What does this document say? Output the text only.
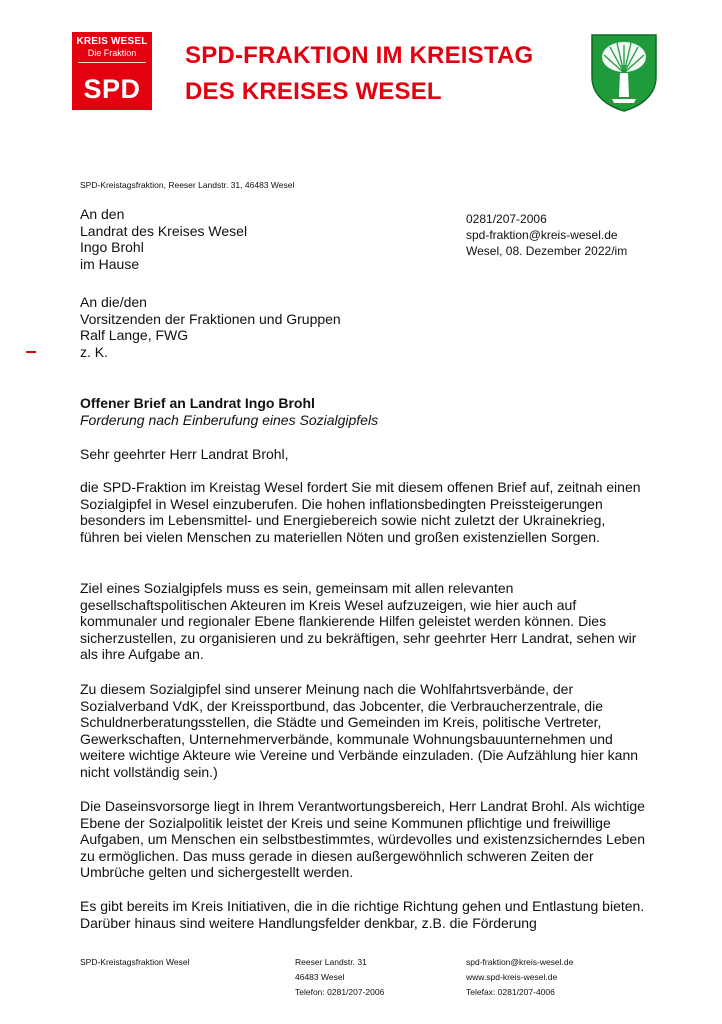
KREIS WESEL
Die Fraktion
SPD
SPD-FRAKTION IM KREISTAG
DES KREISES WESEL
SPD-Kreistagsfraktion, Reeser Landstr. 31, 46483 Wesel
An den
Landrat des Kreises Wesel
Ingo Brohl
im Hause
0281/207-2006
spd-fraktion@kreis-wesel.de
Wesel, 08. Dezember 2022/im
An die/den
Vorsitzenden der Fraktionen und Gruppen
Ralf Lange, FWG
z. K.
Offener Brief an Landrat Ingo Brohl
Forderung nach Einberufung eines Sozialgipfels
Sehr geehrter Herr Landrat Brohl,
die SPD-Fraktion im Kreistag Wesel fordert Sie mit diesem offenen Brief auf, zeitnah einen Sozialgipfel in Wesel einzuberufen. Die hohen inflationsbedingten Preissteigerungen besonders im Lebensmittel- und Energiebereich sowie nicht zuletzt der Ukrainekrieg, führen bei vielen Menschen zu materiellen Nöten und großen existenziellen Sorgen.
Ziel eines Sozialgipfels muss es sein, gemeinsam mit allen relevanten gesellschaftspolitischen Akteuren im Kreis Wesel aufzuzeigen, wie hier auch auf kommunaler und regionaler Ebene flankierende Hilfen geleistet werden können. Dies sicherzustellen, zu organisieren und zu bekräftigen, sehr geehrter Herr Landrat, sehen wir als ihre Aufgabe an.
Zu diesem Sozialgipfel sind unserer Meinung nach die Wohlfahrtsverbände, der Sozialverband VdK, der Kreissportbund, das Jobcenter, die Verbraucherzentrale, die Schuldnerberatungsstellen, die Städte und Gemeinden im Kreis, politische Vertreter, Gewerkschaften, Unternehmerverbände, kommunale Wohnungsbauunternehmen und weitere wichtige Akteure wie Vereine und Verbände einzuladen. (Die Aufzählung hier kann nicht vollständig sein.)
Die Daseinsvorsorge liegt in Ihrem Verantwortungsbereich, Herr Landrat Brohl. Als wichtige Ebene der Sozialpolitik leistet der Kreis und seine Kommunen pflichtige und freiwillige Aufgaben, um Menschen ein selbstbestimmtes, würdevolles und existenzsicherndes Leben zu ermöglichen. Das muss gerade in diesen außergewöhnlich schweren Zeiten der Umbrüche gelten und sichergestellt werden.
Es gibt bereits im Kreis Initiativen, die in die richtige Richtung gehen und Entlastung bieten. Darüber hinaus sind weitere Handlungsfelder denkbar, z.B. die Förderung
SPD-Kreistagsfraktion Wesel	Reeser Landstr. 31
46483 Wesel
Telefon: 0281/207-2006
spd-fraktion@kreis-wesel.de
www.spd-kreis-wesel.de
Telefax: 0281/207-4006
